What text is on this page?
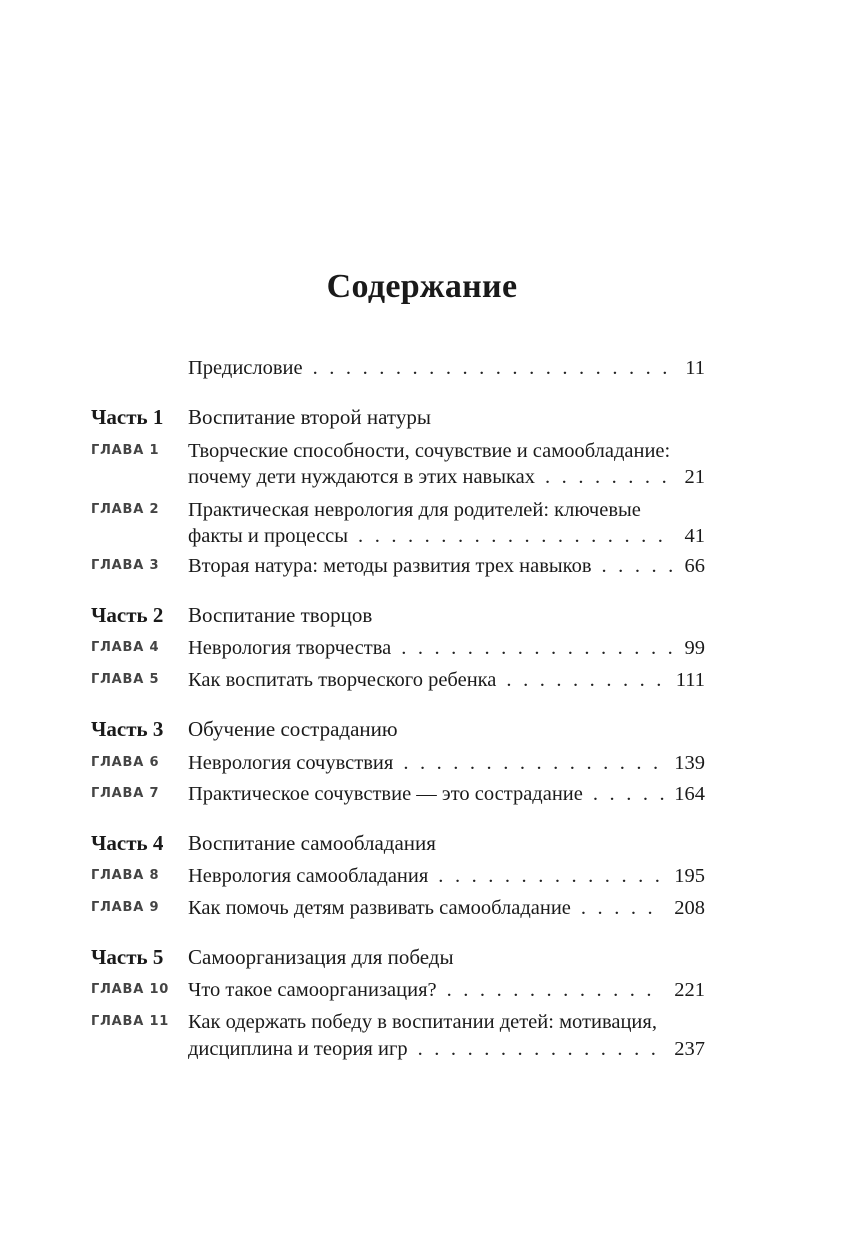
Содержание
Предисловие . . .	11
Часть 1 Воспитание второй натуры
ГЛАВА 1 Творческие способности, сочувствие и самообладание:
почему дети нуждаются в этих навыках . . .	21
ГЛАВА 2 Практическая неврология для родителей: ключевые
факты и процессы . . .	41
ГЛАВА 3 Вторая натура: методы развития трех навыков . . .	66
Часть 2 Воспитание творцов
ГЛАВА 4 Неврология творчества . . .	99
ГЛАВА 5 Как воспитать творческого ребенка . . .	111
Часть 3 Обучение состраданию
ГЛАВА 6 Неврология сочувствия . . .	139
ГЛАВА 7 Практическое сочувствие — это сострадание . . .	164
Часть 4 Воспитание самообладания
ГЛАВА 8 Неврология самообладания . . .	195
ГЛАВА 9 Как помочь детям развивать самообладание . . .	208
Часть 5 Самоорганизация для победы
ГЛАВА 10 Что такое самоорганизация? . . .	221
ГЛАВА 11 Как одержать победу в воспитании детей: мотивация,
дисциплина и теория игр . . .	237
